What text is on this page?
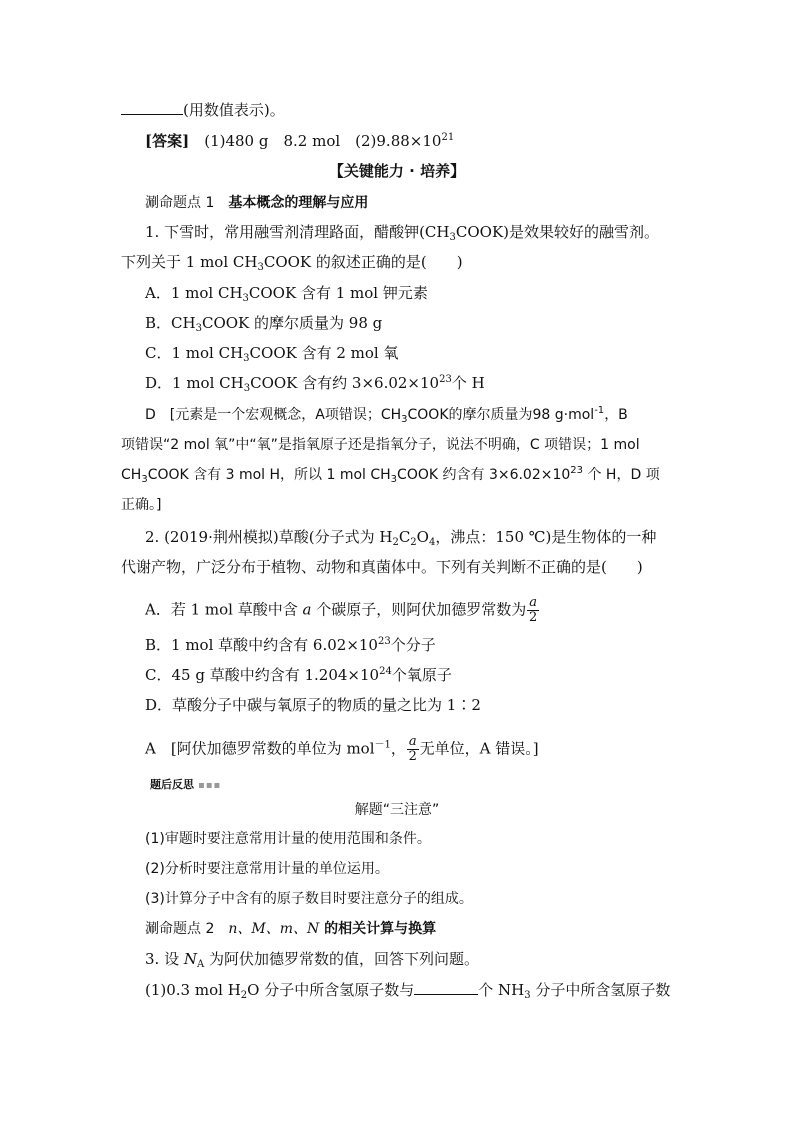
(用数值表示)。
[答案]　 (1)480 g　8.2 mol　$(2)9.88\times 10^{21}$
【关键能力 · 培养】
涮命题点 1　 基本概念的理解与应用
1. 下雪时，常用融雪剂清理路面，醋酸钾$(CH_3COOK)$是效果较好的融雪剂。
下列关于 1 mol $CH_3COOK$ 的叙述正确的是(　　)
A．1 mol $CH_3COOK$ 含有 1 mol 钾元素
B．$CH_3COOK$ 的摩尔质量为 98 g
C．1 mol $CH_3COOK$ 含有 2 mol 氧
D．1 mol $CH_3COOK$ 含有约 $3\times 6.02\times 10^{23}$个 H
D　[元素是一个宏观概念，A项错误；$CH_3COOK$的摩尔质量为98 g·mol$^{-1}$，B
项错误“2 mol 氧”中“氧”是指氧原子还是指氧分子，说法不明确，C 项错误；1 mol
$CH_3COOK$ 含有 3 mol H，所以 1 mol $CH_3COOK$ 约含有 $3\times 6.02\times 10^{23}$ 个 H，D 项
正确。]
2. (2019·荆州模拟)草酸(分子式为 $H_2C_2O_4$，沸点：150 ℃)是生物体的一种
代谢产物，广泛分布于植物、动物和真菌体中。下列有关判断不正确的是(　　)
A．若 1 mol 草酸中含 a 个碳原子，则阿伏加德罗常数为 $\frac{a}{2}$
B．1 mol 草酸中约含有 $6.02\times 10^{23}$个分子
C．45 g 草酸中约含有 $1.204\times 10^{24}$个氧原子
D．草酸分子中碳与氧原子的物质的量之比为 1∶2
A　[阿伏加德罗常数的单位为 mol$^{-1}$， $\frac{a}{2}$ 无单位，A 错误。]
题后反思 ▪▪▪
解题“三注意”
(1)审题时要注意常用计量的使用范围和条件。
(2)分析时要注意常用计量的单位运用。
(3)计算分子中含有的原子数目时要注意分子的组成。
涮命题点 2　 n、M、m、N 的相关计算与换算
3. 设 $N_A$ 为阿伏加德罗常数的值，回答下列问题。
(1)0.3 mol $H_2O$ 分子中所含氢原子数与	个 $NH_3$ 分子中所含氢原子数
